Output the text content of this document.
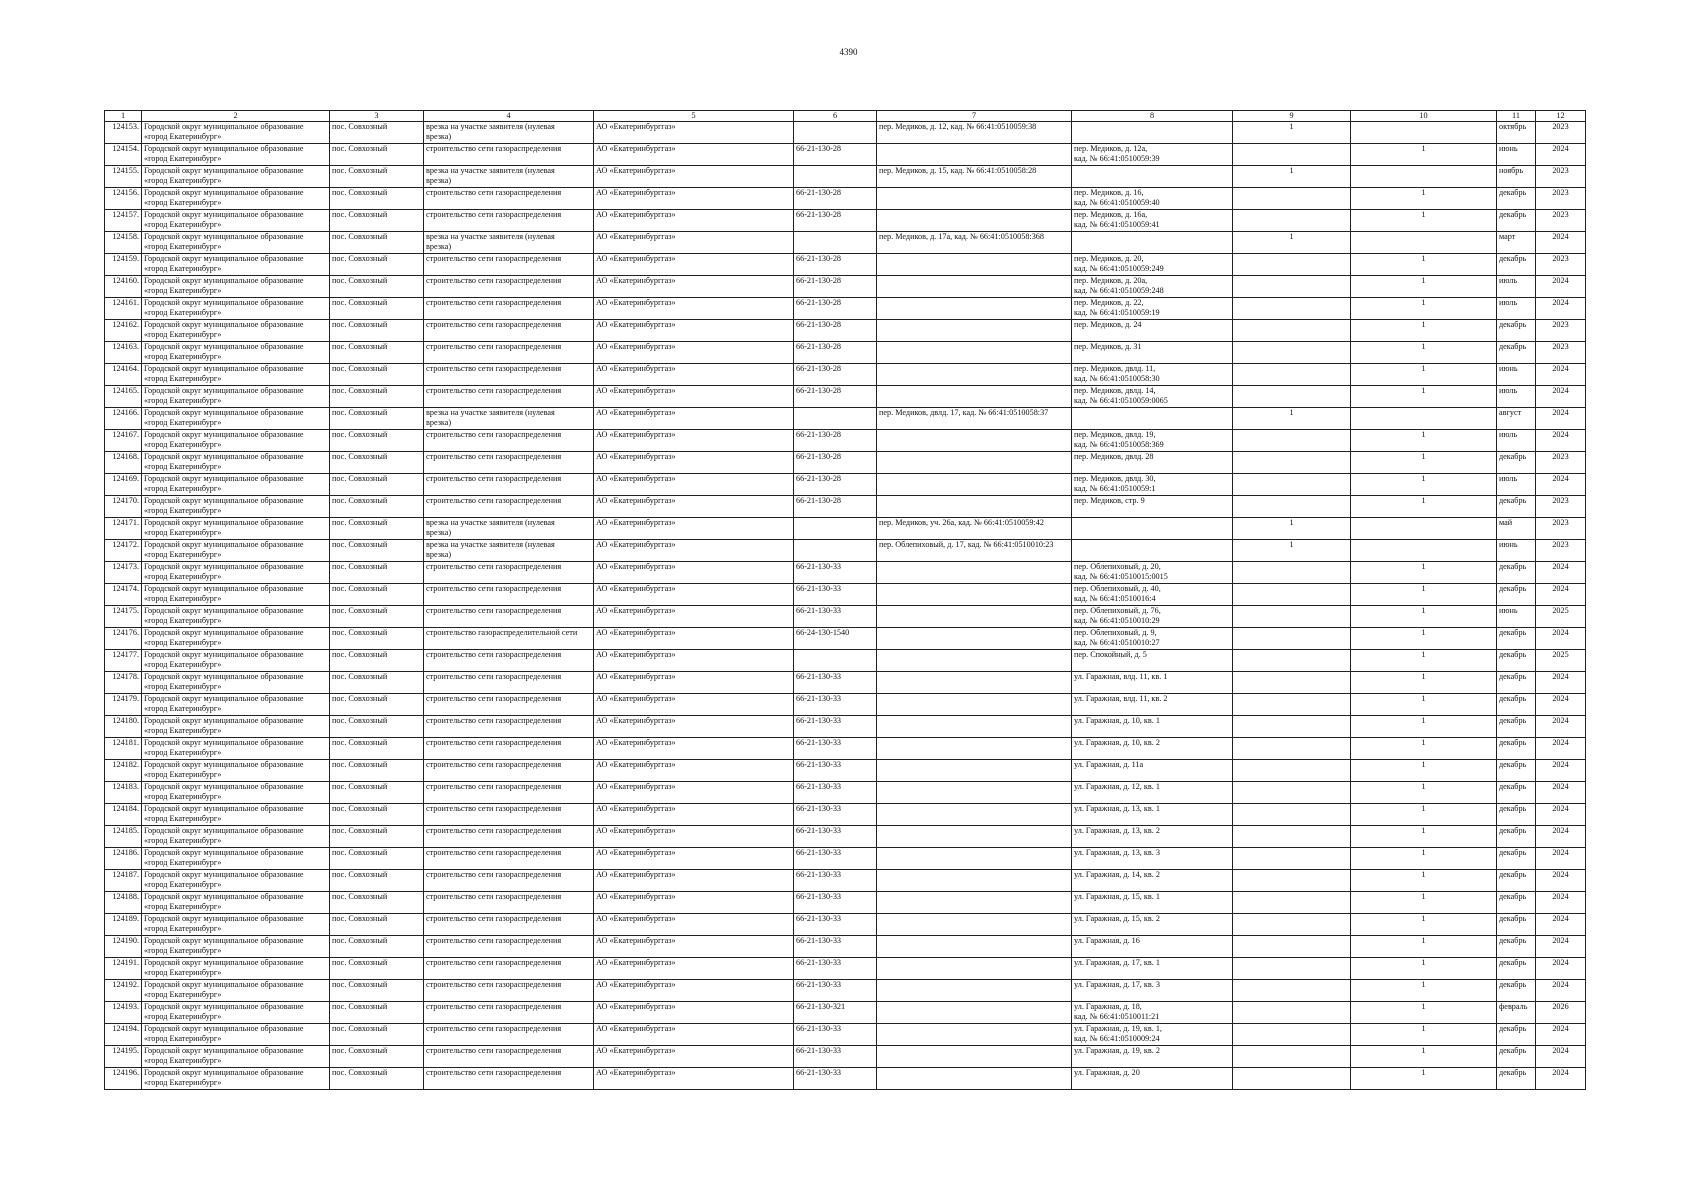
4390
1	2	3	4	5	6	7	8	9	10	11	12

124153.	Городской округ муниципальное образование
«город Екатеринбург»	пос. Совхозный	врезка на участке заявителя (нулевая
врезка)	АО «Екатеринбурггаз»		пер. Медиков, д. 12, кад. № 66:41:0510059:38		1		октябрь	2023

124154.	Городской округ муниципальное образование
«город Екатеринбург»	пос. Совхозный	строительство сети газораспределения	АО «Екатеринбурггаз»	66-21-130-28		пер. Медиков, д. 12а,
кад. № 66:41:0510059:39		1	июнь	2024

124155.	Городской округ муниципальное образование
«город Екатеринбург»	пос. Совхозный	врезка на участке заявителя (нулевая
врезка)	АО «Екатеринбурггаз»		пер. Медиков, д. 15, кад. № 66:41:0510058:28		1		ноябрь	2023

124156.	Городской округ муниципальное образование
«город Екатеринбург»	пос. Совхозный	строительство сети газораспределения	АО «Екатеринбурггаз»	66-21-130-28		пер. Медиков, д. 16,
кад. № 66:41:0510059:40		1	декабрь	2023

124157.	Городской округ муниципальное образование
«город Екатеринбург»	пос. Совхозный	строительство сети газораспределения	АО «Екатеринбурггаз»	66-21-130-28		пер. Медиков, д. 16а,
кад. № 66:41:0510059:41		1	декабрь	2023

124158.	Городской округ муниципальное образование
«город Екатеринбург»	пос. Совхозный	врезка на участке заявителя (нулевая
врезка)	АО «Екатеринбурггаз»		пер. Медиков, д. 17а, кад. № 66:41:0510058:368		1		март	2024

124159.	Городской округ муниципальное образование
«город Екатеринбург»	пос. Совхозный	строительство сети газораспределения	АО «Екатеринбурггаз»	66-21-130-28		пер. Медиков, д. 20,
кад. № 66:41:0510059:249		1	декабрь	2023

124160.	Городской округ муниципальное образование
«город Екатеринбург»	пос. Совхозный	строительство сети газораспределения	АО «Екатеринбурггаз»	66-21-130-28		пер. Медиков, д. 20а,
кад. № 66:41:0510059:248		1	июль	2024

124161.	Городской округ муниципальное образование
«город Екатеринбург»	пос. Совхозный	строительство сети газораспределения	АО «Екатеринбурггаз»	66-21-130-28		пер. Медиков, д. 22,
кад. № 66:41:0510059:19		1	июль	2024

124162.	Городской округ муниципальное образование
«город Екатеринбург»	пос. Совхозный	строительство сети газораспределения	АО «Екатеринбурггаз»	66-21-130-28		пер. Медиков, д. 24		1	декабрь	2023

124163.	Городской округ муниципальное образование
«город Екатеринбург»	пос. Совхозный	строительство сети газораспределения	АО «Екатеринбурггаз»	66-21-130-28		пер. Медиков, д. 31		1	декабрь	2023

124164.	Городской округ муниципальное образование
«город Екатеринбург»	пос. Совхозный	строительство сети газораспределения	АО «Екатеринбурггаз»	66-21-130-28		пер. Медиков, двлд. 11,
кад. № 66:41:0510058:30		1	июнь	2024

124165.	Городской округ муниципальное образование
«город Екатеринбург»	пос. Совхозный	строительство сети газораспределения	АО «Екатеринбурггаз»	66-21-130-28		пер. Медиков, двлд. 14,
кад. № 66:41:0510059:0065		1	июль	2024

124166.	Городской округ муниципальное образование
«город Екатеринбург»	пос. Совхозный	врезка на участке заявителя (нулевая
врезка)	АО «Екатеринбурггаз»		пер. Медиков, двлд. 17, кад. № 66:41:0510058:37		1		август	2024

124167.	Городской округ муниципальное образование
«город Екатеринбург»	пос. Совхозный	строительство сети газораспределения	АО «Екатеринбурггаз»	66-21-130-28		пер. Медиков, двлд. 19,
кад. № 66:41:0510058:369		1	июль	2024

124168.	Городской округ муниципальное образование
«город Екатеринбург»	пос. Совхозный	строительство сети газораспределения	АО «Екатеринбурггаз»	66-21-130-28		пер. Медиков, двлд. 28		1	декабрь	2023

124169.	Городской округ муниципальное образование
«город Екатеринбург»	пос. Совхозный	строительство сети газораспределения	АО «Екатеринбурггаз»	66-21-130-28		пер. Медиков, двлд. 30,
кад. № 66:41:0510059:1		1	июль	2024

124170.	Городской округ муниципальное образование
«город Екатеринбург»	пос. Совхозный	строительство сети газораспределения	АО «Екатеринбурггаз»	66-21-130-28		пер. Медиков, стр. 9		1	декабрь	2023

124171.	Городской округ муниципальное образование
«город Екатеринбург»	пос. Совхозный	врезка на участке заявителя (нулевая
врезка)	АО «Екатеринбурггаз»		пер. Медиков, уч. 26а, кад. № 66:41:0510059:42		1		май	2023

124172.	Городской округ муниципальное образование
«город Екатеринбург»	пос. Совхозный	врезка на участке заявителя (нулевая
врезка)	АО «Екатеринбурггаз»		пер. Облепиховый, д. 17, кад. № 66:41:0510010:23		1		июнь	2023

124173.	Городской округ муниципальное образование
«город Екатеринбург»	пос. Совхозный	строительство сети газораспределения	АО «Екатеринбурггаз»	66-21-130-33		пер. Облепиховый, д. 20,
кад. № 66:41:0510015:0015		1	декабрь	2024

124174.	Городской округ муниципальное образование
«город Екатеринбург»	пос. Совхозный	строительство сети газораспределения	АО «Екатеринбурггаз»	66-21-130-33		пер. Облепиховый, д. 40,
кад. № 66:41:0510016:4		1	декабрь	2024

124175.	Городской округ муниципальное образование
«город Екатеринбург»	пос. Совхозный	строительство сети газораспределения	АО «Екатеринбурггаз»	66-21-130-33		пер. Облепиховый, д. 76,
кад. № 66:41:0510010:29		1	июнь	2025

124176.	Городской округ муниципальное образование
«город Екатеринбург»	пос. Совхозный	строительство газораспределительной сети	АО «Екатеринбурггаз»	66-24-130-1540		пер. Облепиховый, д. 9,
кад. № 66:41:0510010:27		1	декабрь	2024

124177.	Городской округ муниципальное образование
«город Екатеринбург»	пос. Совхозный	строительство сети газораспределения	АО «Екатеринбурггаз»			пер. Спокойный, д. 5		1	декабрь	2025

124178.	Городской округ муниципальное образование
«город Екатеринбург»	пос. Совхозный	строительство сети газораспределения	АО «Екатеринбурггаз»	66-21-130-33		ул. Гаражная, влд. 11, кв. 1		1	декабрь	2024

124179.	Городской округ муниципальное образование
«город Екатеринбург»	пос. Совхозный	строительство сети газораспределения	АО «Екатеринбурггаз»	66-21-130-33		ул. Гаражная, влд. 11, кв. 2		1	декабрь	2024

124180.	Городской округ муниципальное образование
«город Екатеринбург»	пос. Совхозный	строительство сети газораспределения	АО «Екатеринбурггаз»	66-21-130-33		ул. Гаражная, д. 10, кв. 1		1	декабрь	2024

124181.	Городской округ муниципальное образование
«город Екатеринбург»	пос. Совхозный	строительство сети газораспределения	АО «Екатеринбурггаз»	66-21-130-33		ул. Гаражная, д. 10, кв. 2		1	декабрь	2024

124182.	Городской округ муниципальное образование
«город Екатеринбург»	пос. Совхозный	строительство сети газораспределения	АО «Екатеринбурггаз»	66-21-130-33		ул. Гаражная, д. 11а		1	декабрь	2024

124183.	Городской округ муниципальное образование
«город Екатеринбург»	пос. Совхозный	строительство сети газораспределения	АО «Екатеринбурггаз»	66-21-130-33		ул. Гаражная, д. 12, кв. 1		1	декабрь	2024

124184.	Городской округ муниципальное образование
«город Екатеринбург»	пос. Совхозный	строительство сети газораспределения	АО «Екатеринбурггаз»	66-21-130-33		ул. Гаражная, д. 13, кв. 1		1	декабрь	2024

124185.	Городской округ муниципальное образование
«город Екатеринбург»	пос. Совхозный	строительство сети газораспределения	АО «Екатеринбурггаз»	66-21-130-33		ул. Гаражная, д. 13, кв. 2		1	декабрь	2024

124186.	Городской округ муниципальное образование
«город Екатеринбург»	пос. Совхозный	строительство сети газораспределения	АО «Екатеринбурггаз»	66-21-130-33		ул. Гаражная, д. 13, кв. 3		1	декабрь	2024

124187.	Городской округ муниципальное образование
«город Екатеринбург»	пос. Совхозный	строительство сети газораспределения	АО «Екатеринбурггаз»	66-21-130-33		ул. Гаражная, д. 14, кв. 2		1	декабрь	2024

124188.	Городской округ муниципальное образование
«город Екатеринбург»	пос. Совхозный	строительство сети газораспределения	АО «Екатеринбурггаз»	66-21-130-33		ул. Гаражная, д. 15, кв. 1		1	декабрь	2024

124189.	Городской округ муниципальное образование
«город Екатеринбург»	пос. Совхозный	строительство сети газораспределения	АО «Екатеринбурггаз»	66-21-130-33		ул. Гаражная, д. 15, кв. 2		1	декабрь	2024

124190.	Городской округ муниципальное образование
«город Екатеринбург»	пос. Совхозный	строительство сети газораспределения	АО «Екатеринбурггаз»	66-21-130-33		ул. Гаражная, д. 16		1	декабрь	2024

124191.	Городской округ муниципальное образование
«город Екатеринбург»	пос. Совхозный	строительство сети газораспределения	АО «Екатеринбурггаз»	66-21-130-33		ул. Гаражная, д. 17, кв. 1		1	декабрь	2024

124192.	Городской округ муниципальное образование
«город Екатеринбург»	пос. Совхозный	строительство сети газораспределения	АО «Екатеринбурггаз»	66-21-130-33		ул. Гаражная, д. 17, кв. 3		1	декабрь	2024

124193.	Городской округ муниципальное образование
«город Екатеринбург»	пос. Совхозный	строительство сети газораспределения	АО «Екатеринбурггаз»	66-21-130-321		ул. Гаражная, д. 18,
кад. № 66:41:0510011:21		1	февраль	2026

124194.	Городской округ муниципальное образование
«город Екатеринбург»	пос. Совхозный	строительство сети газораспределения	АО «Екатеринбурггаз»	66-21-130-33		ул. Гаражная, д. 19, кв. 1,
кад. № 66:41:0510009:24		1	декабрь	2024

124195.	Городской округ муниципальное образование
«город Екатеринбург»	пос. Совхозный	строительство сети газораспределения	АО «Екатеринбурггаз»	66-21-130-33		ул. Гаражная, д. 19, кв. 2		1	декабрь	2024

124196.	Городской округ муниципальное образование
«город Екатеринбург»	пос. Совхозный	строительство сети газораспределения	АО «Екатеринбурггаз»	66-21-130-33		ул. Гаражная, д. 20		1	декабрь	2024
